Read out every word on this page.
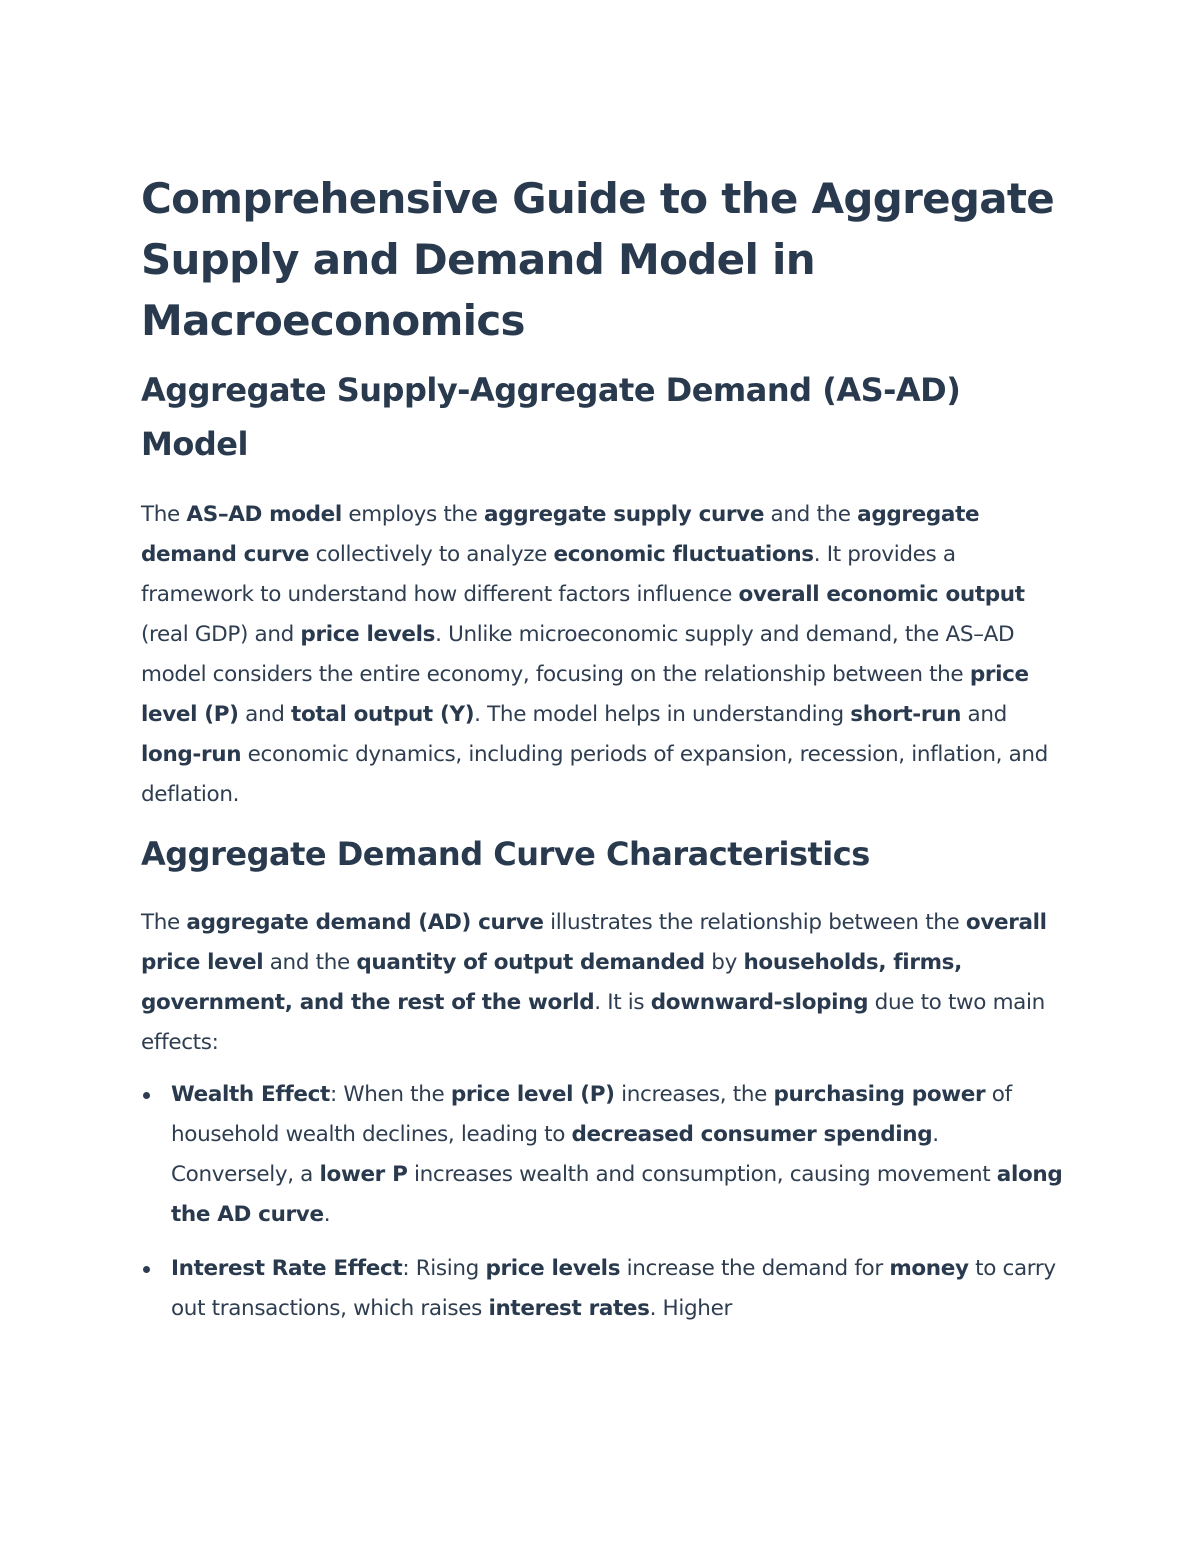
Comprehensive Guide to the Aggregate Supply and Demand Model in Macroeconomics
Aggregate Supply-Aggregate Demand (AS-AD) Model

The AS–AD model employs the aggregate supply curve and the aggregate demand curve collectively to analyze economic fluctuations. It provides a framework to understand how different factors influence overall economic output (real GDP) and price levels. Unlike microeconomic supply and demand, the AS–AD model considers the entire economy, focusing on the relationship between the price level (P) and total output (Y). The model helps in understanding short-run and long-run economic dynamics, including periods of expansion, recession, inflation, and deflation.

Aggregate Demand Curve Characteristics

The aggregate demand (AD) curve illustrates the relationship between the overall price level and the quantity of output demanded by households, firms, government, and the rest of the world. It is downward-sloping due to two main effects:

Wealth Effect: When the price level (P) increases, the purchasing power of household wealth declines, leading to decreased consumer spending. Conversely, a lower P increases wealth and consumption, causing movement along the AD curve.
Interest Rate Effect: Rising price levels increase the demand for money to carry out transactions, which raises interest rates. Higher
